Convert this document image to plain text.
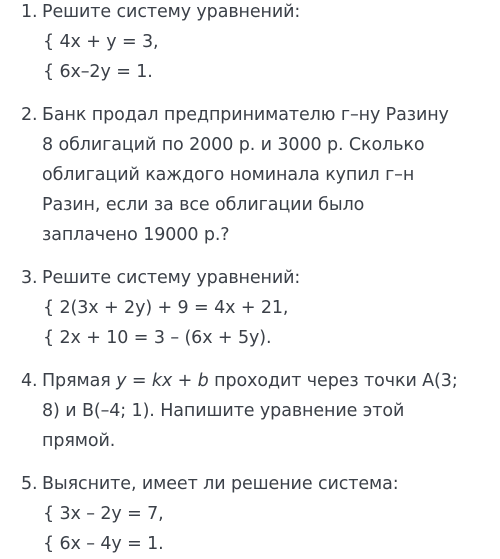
1. Решите систему уравнений:
{ 4x + y = 3,
{ 6x–2y = 1.
2. Банк продал предпринимателю г–ну Разину
8 облигаций по 2000 р. и 3000 р. Сколько
облигаций каждого номинала купил г–н
Разин, если за все облигации было
заплачено 19000 р.?
3. Решите систему уравнений:
{ 2(3x + 2y) + 9 = 4x + 21,
{ 2x + 10 = 3 – (6x + 5y).
4. Прямая y = kx + b проходит через точки А(3;
8) и В(–4; 1). Напишите уравнение этой
прямой.
5. Выясните, имеет ли решение система:
{ 3x – 2y = 7,
{ 6x – 4y = 1.
